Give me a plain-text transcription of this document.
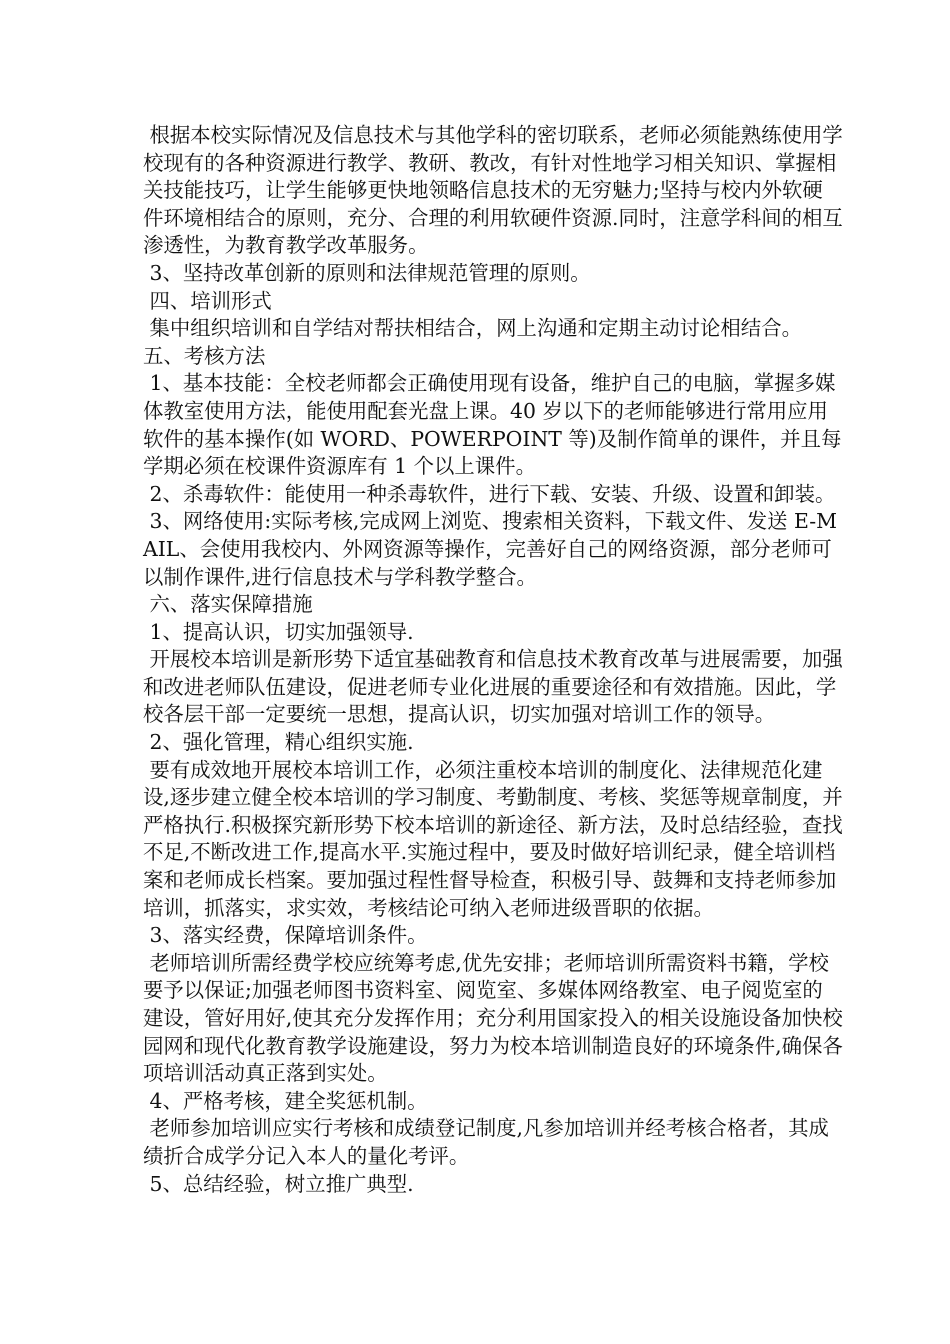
根据本校实际情况及信息技术与其他学科的密切联系，老师必须能熟练使用学校现有的各种资源进行教学、教研、教改，有针对性地学习相关知识、掌握相关技能技巧，让学生能够更快地领略信息技术的无穷魅力;坚持与校内外软硬件环境相结合的原则，充分、合理的利用软硬件资源.同时，注意学科间的相互渗透性，为教育教学改革服务。

3、坚持改革创新的原则和法律规范管理的原则。

四、培训形式

集中组织培训和自学结对帮扶相结合，网上沟通和定期主动讨论相结合。

五、考核方法

1、基本技能：全校老师都会正确使用现有设备，维护自己的电脑，掌握多媒体教室使用方法，能使用配套光盘上课。40 岁以下的老师能够进行常用应用软件的基本操作(如 WORD、POWERPOINT 等)及制作简单的课件，并且每学期必须在校课件资源库有 1 个以上课件。

2、杀毒软件：能使用一种杀毒软件，进行下载、安装、升级、设置和卸装。

3、网络使用:实际考核,完成网上浏览、搜索相关资料，下载文件、发送 E-MAIL、会使用我校内、外网资源等操作，完善好自己的网络资源，部分老师可以制作课件,进行信息技术与学科教学整合。

六、落实保障措施

1、提高认识，切实加强领导.

开展校本培训是新形势下适宜基础教育和信息技术教育改革与进展需要，加强和改进老师队伍建设，促进老师专业化进展的重要途径和有效措施。因此，学校各层干部一定要统一思想，提高认识，切实加强对培训工作的领导。

2、强化管理，精心组织实施.

要有成效地开展校本培训工作，必须注重校本培训的制度化、法律规范化建设,逐步建立健全校本培训的学习制度、考勤制度、考核、奖惩等规章制度，并严格执行.积极探究新形势下校本培训的新途径、新方法，及时总结经验，查找不足,不断改进工作,提高水平.实施过程中，要及时做好培训纪录，健全培训档案和老师成长档案。要加强过程性督导检查，积极引导、鼓舞和支持老师参加培训，抓落实，求实效，考核结论可纳入老师进级晋职的依据。

3、落实经费，保障培训条件。

老师培训所需经费学校应统筹考虑,优先安排；老师培训所需资料书籍，学校要予以保证;加强老师图书资料室、阅览室、多媒体网络教室、电子阅览室的建设，管好用好,使其充分发挥作用；充分利用国家投入的相关设施设备加快校园网和现代化教育教学设施建设，努力为校本培训制造良好的环境条件,确保各项培训活动真正落到实处。

4、严格考核，建全奖惩机制。

老师参加培训应实行考核和成绩登记制度,凡参加培训并经考核合格者，其成绩折合成学分记入本人的量化考评。

5、总结经验，树立推广典型.
